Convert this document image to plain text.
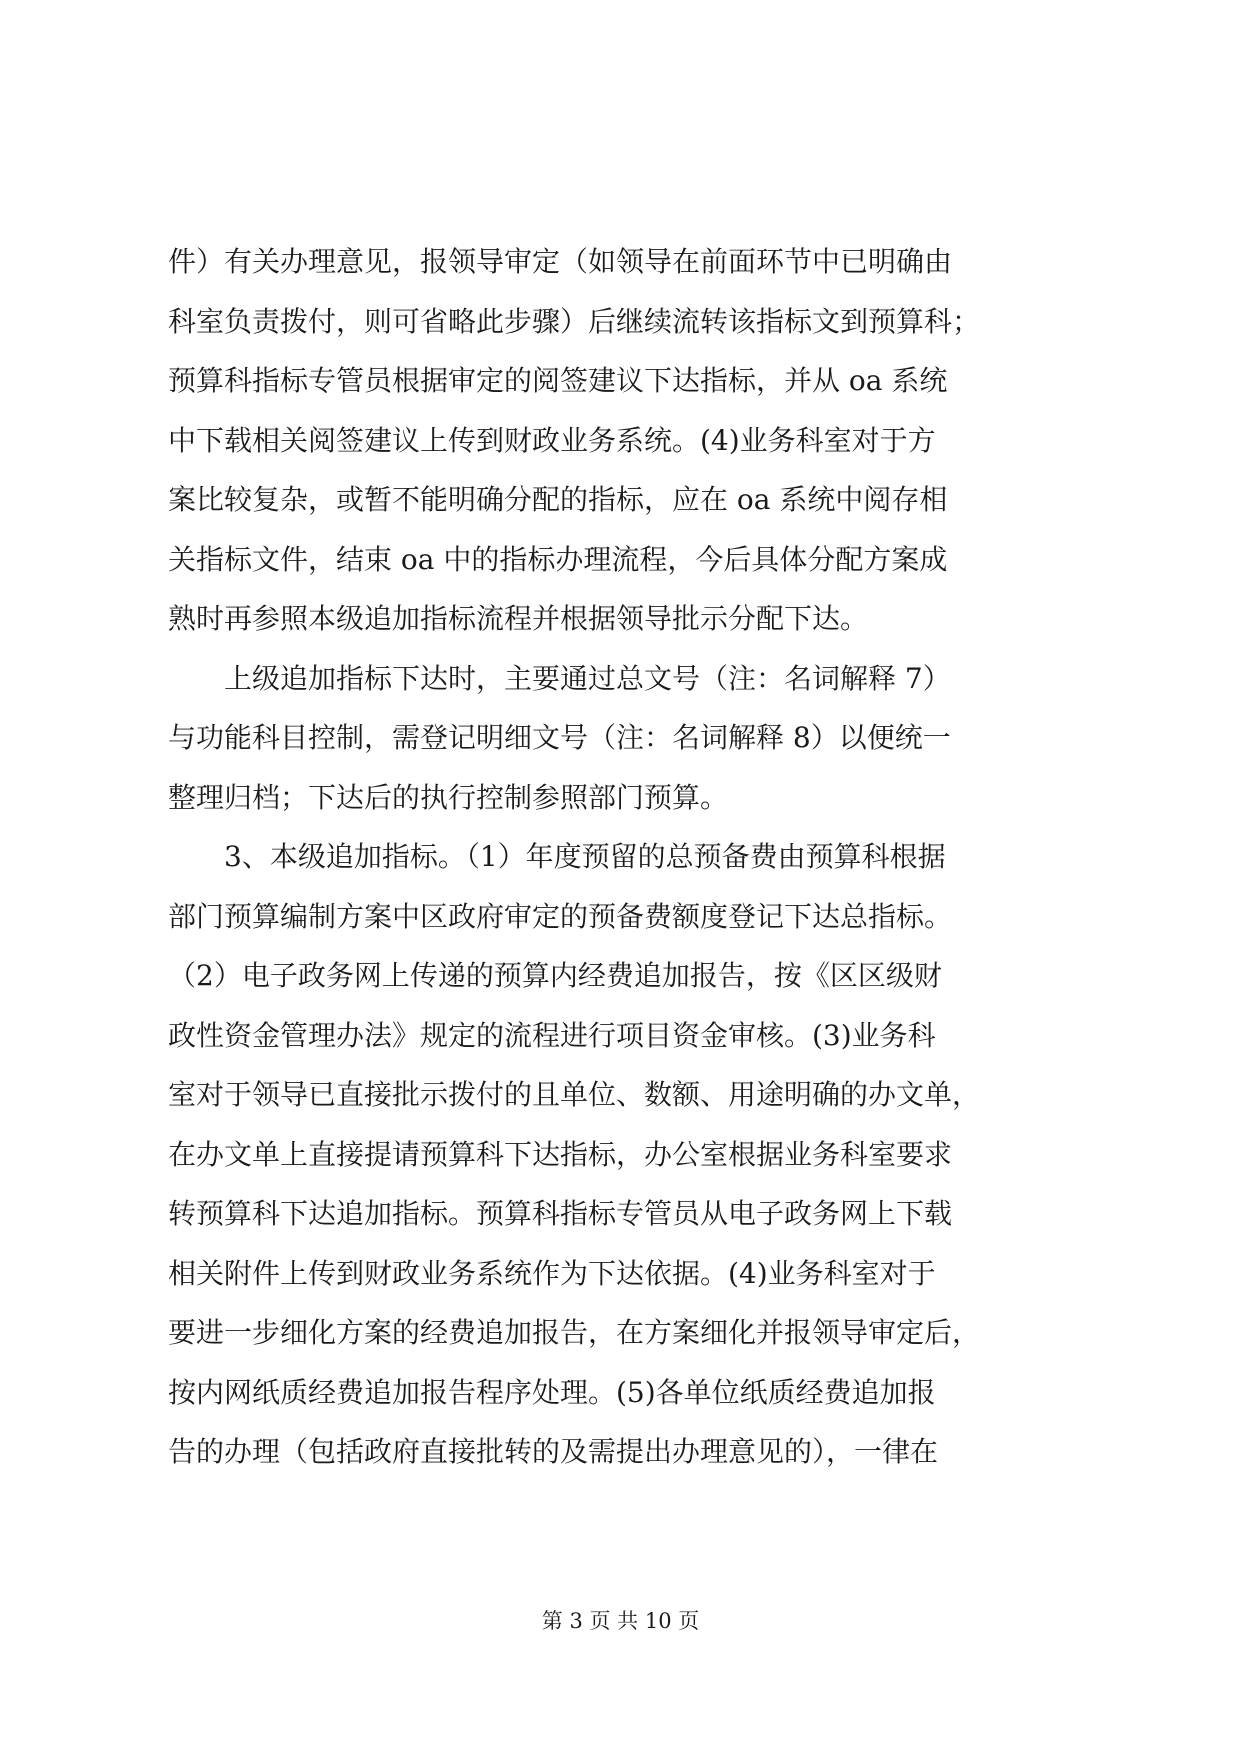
件）有关办理意见，报领导审定（如领导在前面环节中已明确由
科室负责拨付，则可省略此步骤）后继续流转该指标文到预算科；
预算科指标专管员根据审定的阅签建议下达指标，并从 oa 系统
中下载相关阅签建议上传到财政业务系统。(4)业务科室对于方
案比较复杂，或暂不能明确分配的指标，应在 oa 系统中阅存相
关指标文件，结束 oa 中的指标办理流程，今后具体分配方案成
熟时再参照本级追加指标流程并根据领导批示分配下达。
　　上级追加指标下达时，主要通过总文号（注：名词解释 7）
与功能科目控制，需登记明细文号（注：名词解释 8）以便统一
整理归档；下达后的执行控制参照部门预算。
　　3、本级追加指标。（1）年度预留的总预备费由预算科根据
部门预算编制方案中区政府审定的预备费额度登记下达总指标。
（2）电子政务网上传递的预算内经费追加报告，按《区区级财
政性资金管理办法》规定的流程进行项目资金审核。(3)业务科
室对于领导已直接批示拨付的且单位、数额、用途明确的办文单，
在办文单上直接提请预算科下达指标，办公室根据业务科室要求
转预算科下达追加指标。预算科指标专管员从电子政务网上下载
相关附件上传到财政业务系统作为下达依据。(4)业务科室对于
要进一步细化方案的经费追加报告，在方案细化并报领导审定后，
按内网纸质经费追加报告程序处理。(5)各单位纸质经费追加报
告的办理（包括政府直接批转的及需提出办理意见的），一律在
第 3 页 共 10 页
